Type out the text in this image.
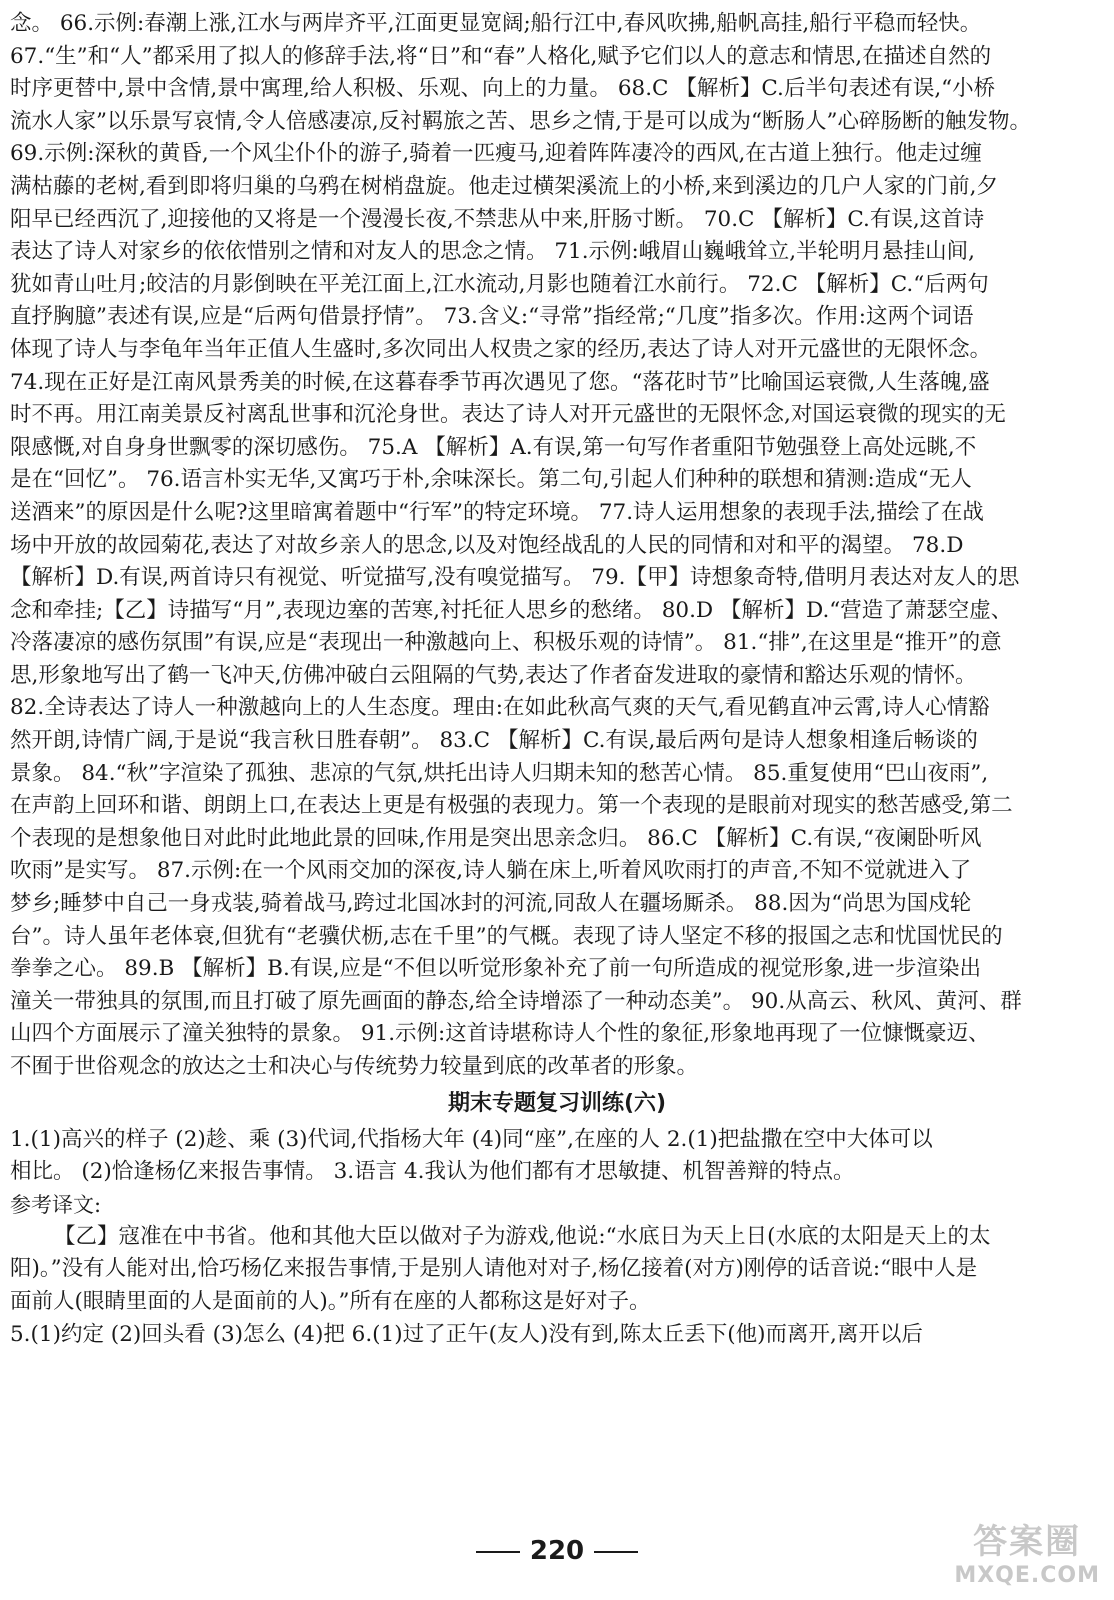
念。 66.示例:春潮上涨,江水与两岸齐平,江面更显宽阔;船行江中,春风吹拂,船帆高挂,船行平稳而轻快。
67.“生”和“人”都采用了拟人的修辞手法,将“日”和“春”人格化,赋予它们以人的意志和情思,在描述自然的
时序更替中,景中含情,景中寓理,给人积极、乐观、向上的力量。 68.C 【解析】C.后半句表述有误,“小桥
流水人家”以乐景写哀情,令人倍感凄凉,反衬羁旅之苦、思乡之情,于是可以成为“断肠人”心碎肠断的触发物。
69.示例:深秋的黄昏,一个风尘仆仆的游子,骑着一匹瘦马,迎着阵阵凄冷的西风,在古道上独行。他走过缠
满枯藤的老树,看到即将归巢的乌鸦在树梢盘旋。他走过横架溪流上的小桥,来到溪边的几户人家的门前,夕
阳早已经西沉了,迎接他的又将是一个漫漫长夜,不禁悲从中来,肝肠寸断。 70.C 【解析】C.有误,这首诗
表达了诗人对家乡的依依惜别之情和对友人的思念之情。 71.示例:峨眉山巍峨耸立,半轮明月悬挂山间,
犹如青山吐月;皎洁的月影倒映在平羌江面上,江水流动,月影也随着江水前行。 72.C 【解析】C.“后两句
直抒胸臆”表述有误,应是“后两句借景抒情”。 73.含义:“寻常”指经常;“几度”指多次。作用:这两个词语
体现了诗人与李龟年当年正值人生盛时,多次同出人权贵之家的经历,表达了诗人对开元盛世的无限怀念。
74.现在正好是江南风景秀美的时候,在这暮春季节再次遇见了您。“落花时节”比喻国运衰微,人生落魄,盛
时不再。用江南美景反衬离乱世事和沉沦身世。表达了诗人对开元盛世的无限怀念,对国运衰微的现实的无
限感慨,对自身身世飘零的深切感伤。 75.A 【解析】A.有误,第一句写作者重阳节勉强登上高处远眺,不
是在“回忆”。 76.语言朴实无华,又寓巧于朴,余味深长。第二句,引起人们种种的联想和猜测:造成“无人
送酒来”的原因是什么呢?这里暗寓着题中“行军”的特定环境。 77.诗人运用想象的表现手法,描绘了在战
场中开放的故园菊花,表达了对故乡亲人的思念,以及对饱经战乱的人民的同情和对和平的渴望。 78.D
【解析】D.有误,两首诗只有视觉、听觉描写,没有嗅觉描写。 79.【甲】诗想象奇特,借明月表达对友人的思
念和牵挂;【乙】诗描写“月”,表现边塞的苦寒,衬托征人思乡的愁绪。 80.D 【解析】D.“营造了萧瑟空虚、
冷落凄凉的感伤氛围”有误,应是“表现出一种激越向上、积极乐观的诗情”。 81.“排”,在这里是“推开”的意
思,形象地写出了鹤一飞冲天,仿佛冲破白云阻隔的气势,表达了作者奋发进取的豪情和豁达乐观的情怀。
82.全诗表达了诗人一种激越向上的人生态度。理由:在如此秋高气爽的天气,看见鹤直冲云霄,诗人心情豁
然开朗,诗情广阔,于是说“我言秋日胜春朝”。 83.C 【解析】C.有误,最后两句是诗人想象相逢后畅谈的
景象。 84.“秋”字渲染了孤独、悲凉的气氛,烘托出诗人归期未知的愁苦心情。 85.重复使用“巴山夜雨”,
在声韵上回环和谐、朗朗上口,在表达上更是有极强的表现力。第一个表现的是眼前对现实的愁苦感受,第二
个表现的是想象他日对此时此地此景的回味,作用是突出思亲念归。 86.C 【解析】C.有误,“夜阑卧听风
吹雨”是实写。 87.示例:在一个风雨交加的深夜,诗人躺在床上,听着风吹雨打的声音,不知不觉就进入了
梦乡;睡梦中自己一身戎装,骑着战马,跨过北国冰封的河流,同敌人在疆场厮杀。 88.因为“尚思为国戍轮
台”。诗人虽年老体衰,但犹有“老骥伏枥,志在千里”的气概。表现了诗人坚定不移的报国之志和忧国忧民的
拳拳之心。 89.B 【解析】B.有误,应是“不但以听觉形象补充了前一句所造成的视觉形象,进一步渲染出
潼关一带独具的氛围,而且打破了原先画面的静态,给全诗增添了一种动态美”。 90.从高云、秋风、黄河、群
山四个方面展示了潼关独特的景象。 91.示例:这首诗堪称诗人个性的象征,形象地再现了一位慷慨豪迈、
不囿于世俗观念的放达之士和决心与传统势力较量到底的改革者的形象。
期末专题复习训练(六)
1.(1)高兴的样子 (2)趁、乘 (3)代词,代指杨大年 (4)同“座”,在座的人 2.(1)把盐撒在空中大体可以
相比。 (2)恰逢杨亿来报告事情。 3.语言 4.我认为他们都有才思敏捷、机智善辩的特点。
参考译文:
【乙】寇准在中书省。他和其他大臣以做对子为游戏,他说:“水底日为天上日(水底的太阳是天上的太
阳)。”没有人能对出,恰巧杨亿来报告事情,于是别人请他对对子,杨亿接着(对方)刚停的话音说:“眼中人是
面前人(眼睛里面的人是面前的人)。”所有在座的人都称这是好对子。
5.(1)约定 (2)回头看 (3)怎么 (4)把 6.(1)过了正午(友人)没有到,陈太丘丢下(他)而离开,离开以后
220	答案圈
MXQE.COM
